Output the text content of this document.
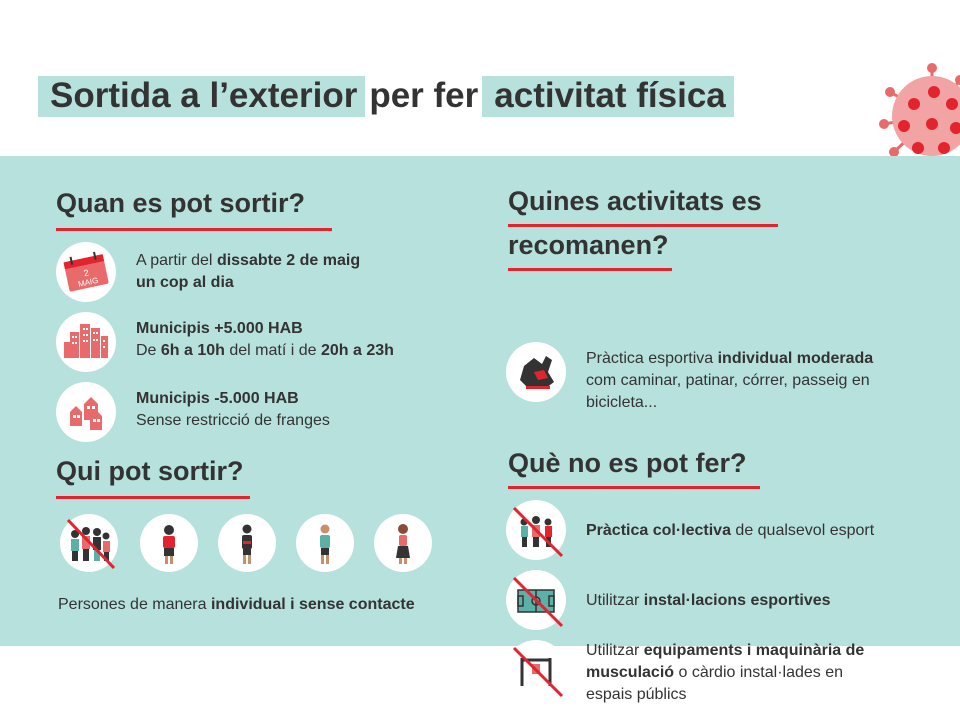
Sortida a l’exterior per fer activitat física
Quan es pot sortir?
2
MAIG
A partir del dissabte 2 de maig
un cop al dia
Municipis +5.000 HAB
De 6h a 10h del matí i de 20h a 23h
Municipis -5.000 HAB
Sense restricció de franges
Qui pot sortir?
Persones de manera individual i sense contacte
Quines activitats es
recomanen?
Pràctica esportiva individual moderada
com caminar, patinar, córrer, passeig en
bicicleta...
Què no es pot fer?
Pràctica col·lectiva de qualsevol esport
Utilitzar instal·lacions esportives
Utilitzar equipaments i maquinària de
musculació o càrdio instal·lades en
espais públics
